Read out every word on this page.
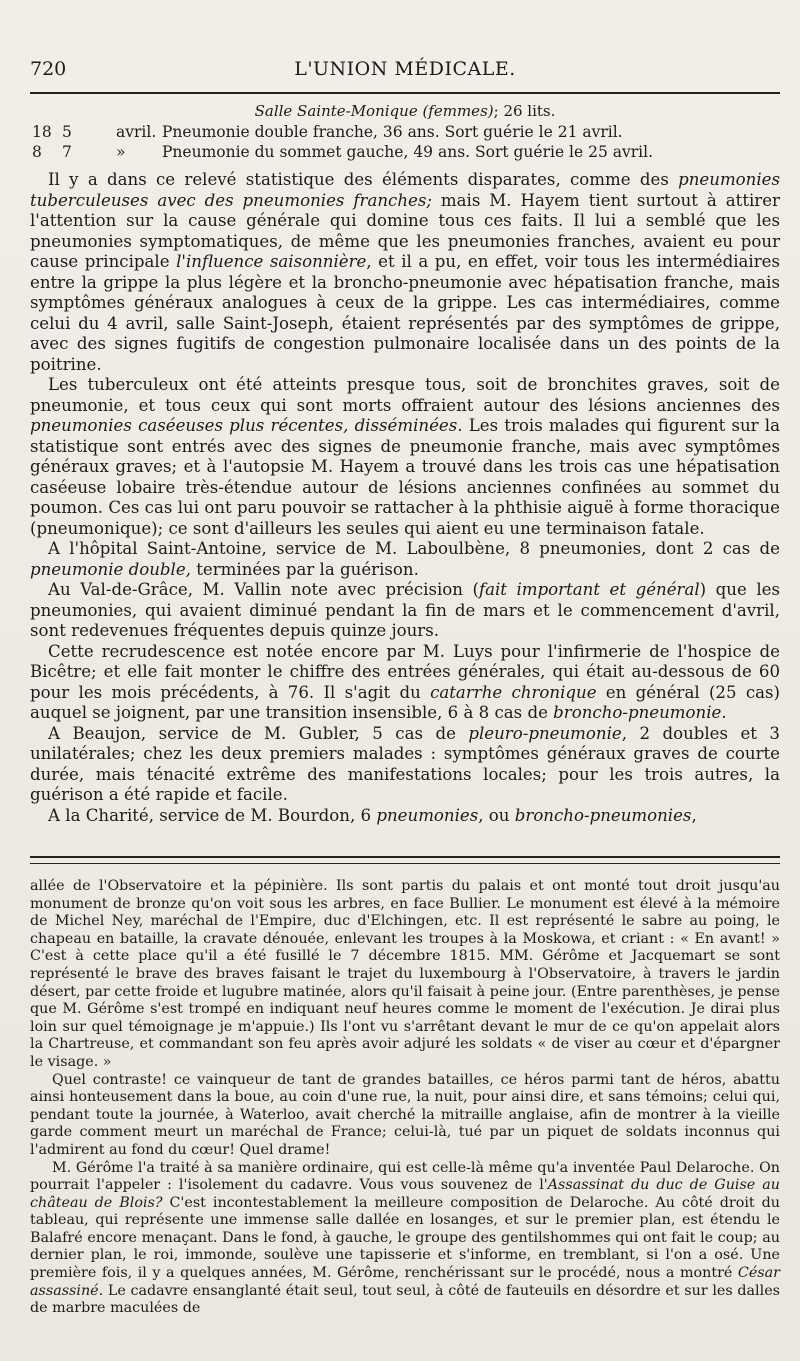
720	L'UNION MÉDICALE.
Salle Sainte-Monique (femmes); 26 lits.
18 5	avril. Pneumonie double franche, 36 ans. Sort guérie le 21 avril.
8	7	»	Pneumonie du sommet gauche, 49 ans. Sort guérie le 25 avril.

Il y a dans ce relevé statistique des éléments disparates, comme des pneumonies tuberculeuses avec des pneumonies franches; mais M. Hayem tient surtout à attirer l'attention sur la cause générale qui domine tous ces faits. Il lui a semblé que les pneumonies symptomatiques, de même que les pneumonies franches, avaient eu pour cause principale l'influence saisonnière, et il a pu, en effet, voir tous les intermédiaires entre la grippe la plus légère et la broncho-pneumonie avec hépatisation franche, mais symptômes généraux analogues à ceux de la grippe. Les cas intermédiaires, comme celui du 4 avril, salle Saint-Joseph, étaient représentés par des symptômes de grippe, avec des signes fugitifs de congestion pulmonaire localisée dans un des points de la poitrine.

Les tuberculeux ont été atteints presque tous, soit de bronchites graves, soit de pneumonie, et tous ceux qui sont morts offraient autour des lésions anciennes des pneumonies caséeuses plus récentes, disséminées. Les trois malades qui figurent sur la statistique sont entrés avec des signes de pneumonie franche, mais avec symptômes généraux graves; et à l'autopsie M. Hayem a trouvé dans les trois cas une hépatisation caséeuse lobaire très-étendue autour de lésions anciennes confinées au sommet du poumon. Ces cas lui ont paru pouvoir se rattacher à la phthisie aiguë à forme thoracique (pneumonique); ce sont d'ailleurs les seules qui aient eu une terminaison fatale.

A l'hôpital Saint-Antoine, service de M. Laboulbène, 8 pneumonies, dont 2 cas de pneumonie double, terminées par la guérison.

Au Val-de-Grâce, M. Vallin note avec précision (fait important et général) que les pneumonies, qui avaient diminué pendant la fin de mars et le commencement d'avril, sont redevenues fréquentes depuis quinze jours.

Cette recrudescence est notée encore par M. Luys pour l'infirmerie de l'hospice de Bicêtre; et elle fait monter le chiffre des entrées générales, qui était au-dessous de 60 pour les mois précédents, à 76. Il s'agit du catarrhe chronique en général (25 cas) auquel se joignent, par une transition insensible, 6 à 8 cas de broncho-pneumonie.

A Beaujon, service de M. Gubler, 5 cas de pleuro-pneumonie, 2 doubles et 3 unilatérales; chez les deux premiers malades : symptômes généraux graves de courte durée, mais ténacité extrême des manifestations locales; pour les trois autres, la guérison a été rapide et facile.

A la Charité, service de M. Bourdon, 6 pneumonies, ou broncho-pneumonies,

allée de l'Observatoire et la pépinière. Ils sont partis du palais et ont monté tout droit jusqu'au monument de bronze qu'on voit sous les arbres, en face Bullier. Le monument est élevé à la mémoire de Michel Ney, maréchal de l'Empire, duc d'Elchingen, etc. Il est représenté le sabre au poing, le chapeau en bataille, la cravate dénouée, enlevant les troupes à la Moskowa, et criant : « En avant! » C'est à cette place qu'il a été fusillé le 7 décembre 1815. MM. Gérôme et Jacquemart se sont représenté le brave des braves faisant le trajet du luxembourg à l'Observatoire, à travers le jardin désert, par cette froide et lugubre matinée, alors qu'il faisait à peine jour. (Entre parenthèses, je pense que M. Gérôme s'est trompé en indiquant neuf heures comme le moment de l'exécution. Je dirai plus loin sur quel témoignage je m'appuie.) Ils l'ont vu s'arrêtant devant le mur de ce qu'on appelait alors la Chartreuse, et commandant son feu après avoir adjuré les soldats « de viser au cœur et d'épargner le visage. »

Quel contraste! ce vainqueur de tant de grandes batailles, ce héros parmi tant de héros, abattu ainsi honteusement dans la boue, au coin d'une rue, la nuit, pour ainsi dire, et sans témoins; celui qui, pendant toute la journée, à Waterloo, avait cherché la mitraille anglaise, afin de montrer à la vieille garde comment meurt un maréchal de France; celui-là, tué par un piquet de soldats inconnus qui l'admirent au fond du cœur! Quel drame!

M. Gérôme l'a traité à sa manière ordinaire, qui est celle-là même qu'a inventée Paul Delaroche. On pourrait l'appeler : l'isolement du cadavre. Vous vous souvenez de l'Assassinat du duc de Guise au château de Blois? C'est incontestablement la meilleure composition de Delaroche. Au côté droit du tableau, qui représente une immense salle dallée en losanges, et sur le premier plan, est étendu le Balafré encore menaçant. Dans le fond, à gauche, le groupe des gentilshommes qui ont fait le coup; au dernier plan, le roi, immonde, soulève une tapisserie et s'informe, en tremblant, si l'on a osé. Une première fois, il y a quelques années, M. Gérôme, renchérissant sur le procédé, nous a montré César assassiné. Le cadavre ensanglanté était seul, tout seul, à côté de fauteuils en désordre et sur les dalles de marbre maculées de
